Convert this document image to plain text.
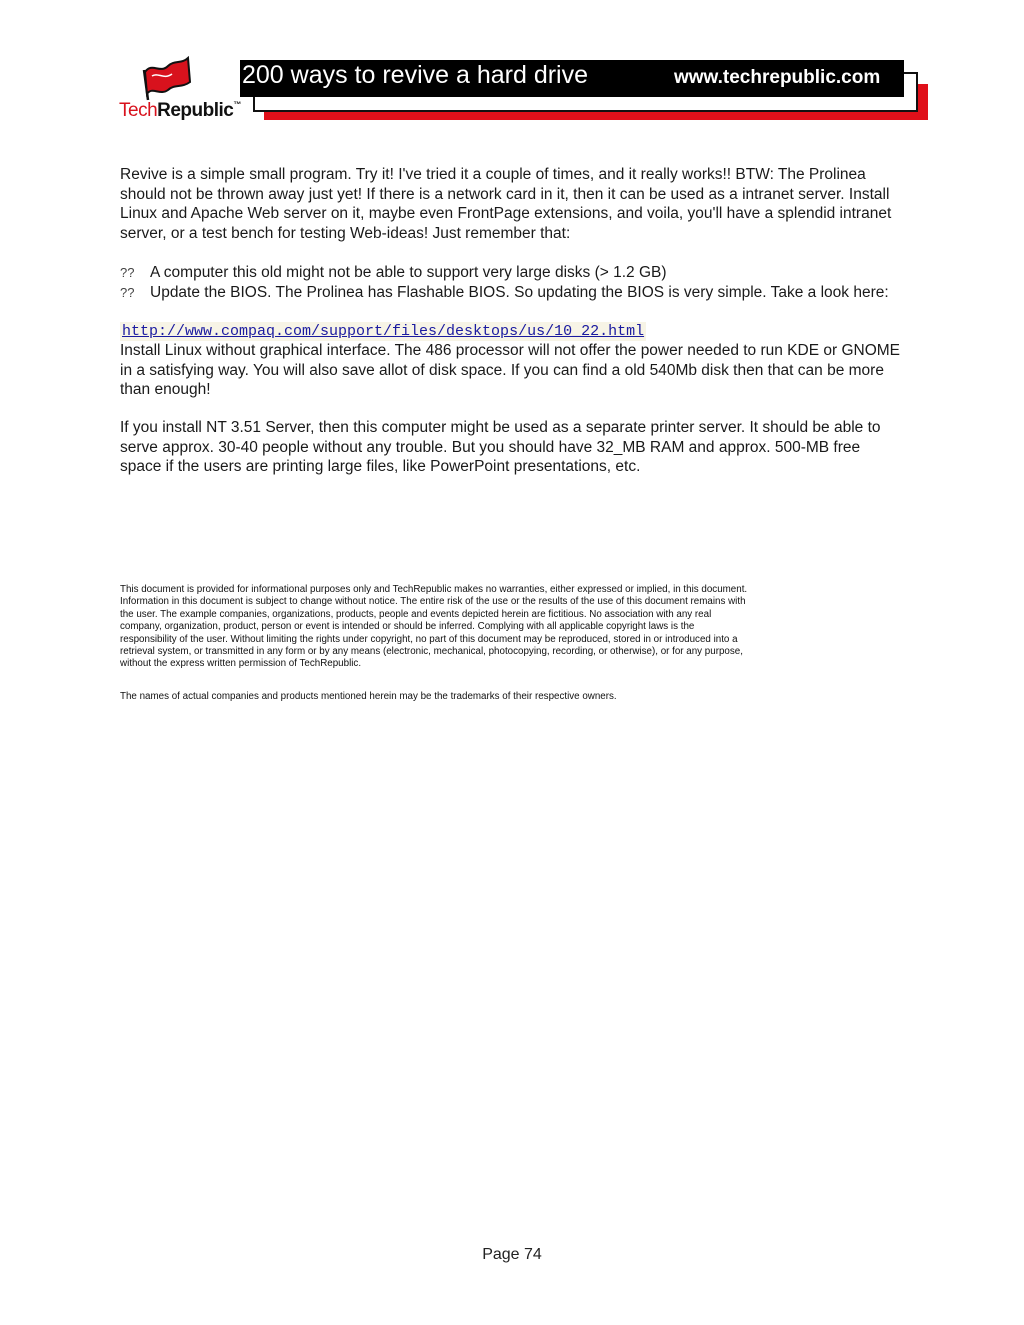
TechRepublic™
200 ways to revive a hard drive	www.techrepublic.com
Revive is a simple small program. Try it! I've tried it a couple of times, and it really works!! BTW: The Prolinea should not be thrown away just yet! If there is a network card in it, then it can be used as a intranet server. Install Linux and Apache Web server on it, maybe even FrontPage extensions, and voila, you'll have a splendid intranet server, or a test bench for testing Web-ideas! Just remember that:
??	A computer this old might not be able to support very large disks (> 1.2 GB)
??	Update the BIOS. The Prolinea has Flashable BIOS. So updating the BIOS is very simple. Take a look here:
http://www.compaq.com/support/files/desktops/us/10_22.html
Install Linux without graphical interface. The 486 processor will not offer the power needed to run KDE or GNOME in a satisfying way. You will also save allot of disk space. If you can find a old 540Mb disk then that can be more than enough!
If you install NT 3.51 Server, then this computer might be used as a separate printer server. It should be able to serve approx. 30-40 people without any trouble. But you should have 32_MB RAM and approx. 500-MB free space if the users are printing large files, like PowerPoint presentations, etc.
This document is provided for informational purposes only and TechRepublic makes no warranties, either expressed or implied, in this document. Information in this document is subject to change without notice. The entire risk of the use or the results of the use of this document remains with the user. The example companies, organizations, products, people and events depicted herein are fictitious. No association with any real company, organization, product, person or event is intended or should be inferred. Complying with all applicable copyright laws is the responsibility of the user. Without limiting the rights under copyright, no part of this document may be reproduced, stored in or introduced into a retrieval system, or transmitted in any form or by any means (electronic, mechanical, photocopying, recording, or otherwise), or for any purpose, without the express written permission of TechRepublic.
The names of actual companies and products mentioned herein may be the trademarks of their respective owners.
Page 74
